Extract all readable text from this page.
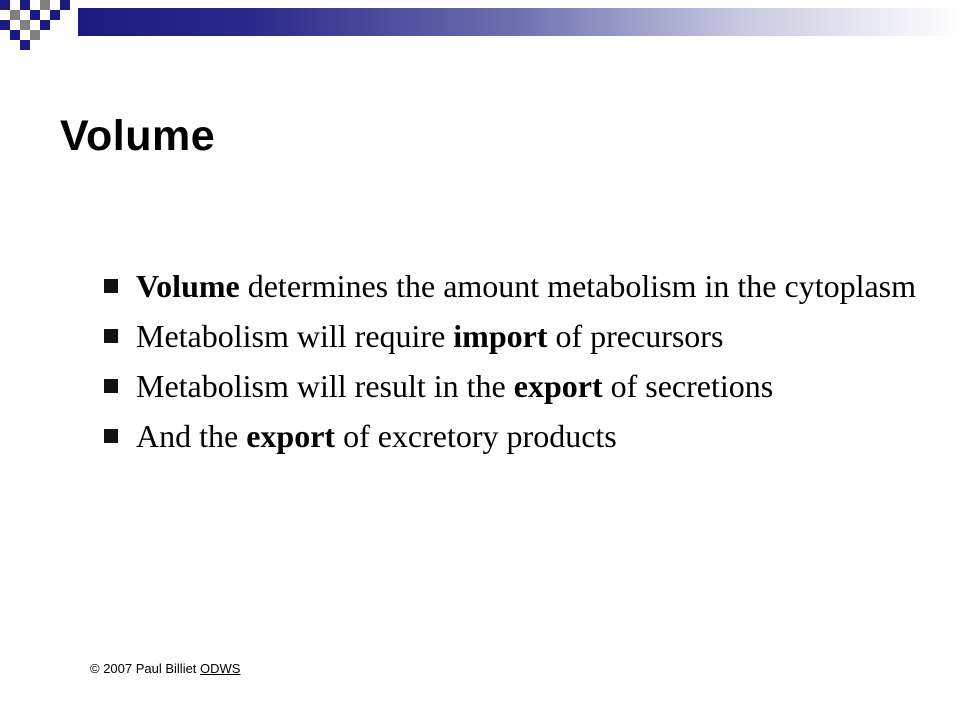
Volume
Volume determines the amount metabolism in the cytoplasm
Metabolism will require import of precursors
Metabolism will result in the export of secretions
And the export of excretory products
© 2007 Paul Billiet ODWS
